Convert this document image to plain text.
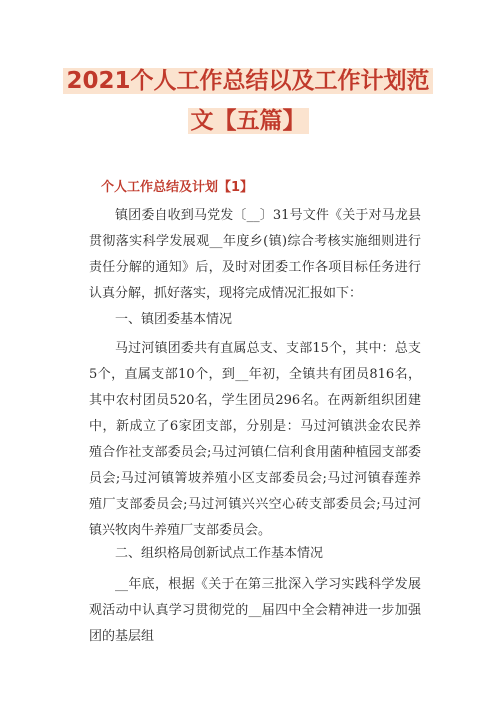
2021个人工作总结以及工作计划范
文【五篇】
个人工作总结及计划【1】
镇团委自收到马党发〔__〕31号文件《关于对马龙县贯彻落实科学发展观__年度乡(镇)综合考核实施细则进行责任分解的通知》后，及时对团委工作各项目标任务进行认真分解，抓好落实，现将完成情况汇报如下：
一、镇团委基本情况
马过河镇团委共有直属总支、支部15个，其中：总支5个，直属支部10个，到__年初，全镇共有团员816名，其中农村团员520名，学生团员296名。在两新组织团建中，新成立了6家团支部，分别是：马过河镇洪金农民养殖合作社支部委员会;马过河镇仁信利食用菌种植园支部委员会;马过河镇箐坡养殖小区支部委员会;马过河镇春莲养殖厂支部委员会;马过河镇兴兴空心砖支部委员会;马过河镇兴牧肉牛养殖厂支部委员会。
二、组织格局创新试点工作基本情况
__年底，根据《关于在第三批深入学习实践科学发展观活动中认真学习贯彻党的__届四中全会精神进一步加强团的基层组
